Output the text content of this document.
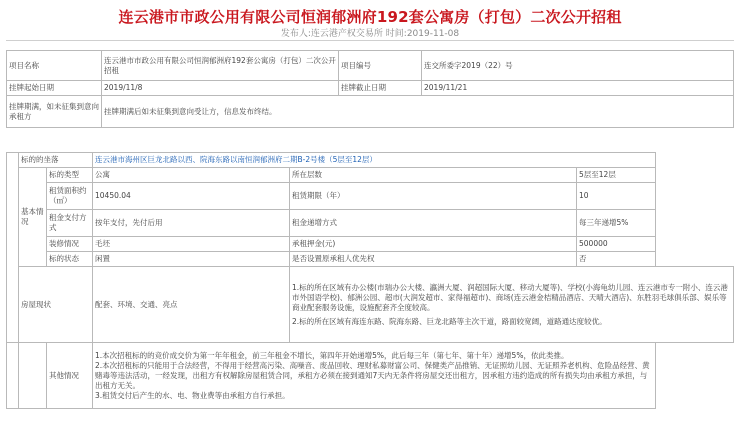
连云港市市政公用有限公司恒润郁洲府192套公寓房（打包）二次公开招租
发布人:连云港产权交易所 时间:2019-11-08
项目名称	连云港市市政公用有限公司恒润郁洲府192套公寓房（打包）二次公开招租	项目编号	连交所委字2019（22）号
挂牌起始日期	2019/11/8	挂牌截止日期	2019/11/21
挂牌期满，如未征集到意向承租方	挂牌期满后如未征集到意向受让方，信息发布终结。		
	标的的坐落		连云港市海州区巨龙北路以西、院海东路以南恒润郁洲府二期B-2号楼（5层至12层）		
	基本情况	标的类型	公寓	所在层数	5层至12层
		租赁面积约（㎡）	10450.04	租赁期限（年）	10
		租金支付方式	按年支付，先付后用	租金递增方式	每三年递增5%
		装修情况	毛坯	承租押金(元)	500000
		标的状态	闲置	是否设置原承租人优先权	否
	房屋现状		配套、环境、交通、亮点	1.标的所在区域有办公楼(市瑞办公大楼、瀛洲大厦、润超国际大厦、移动大厦等)、学校(小海龟幼儿园、连云港市专一附小、连云港市外国语学校)、郁洲公园、超市(大润发超市、家得福超市)、商场(连云港金桔精品酒店、天晴大酒店)、东胜羽毛球俱乐部、娱乐等商业配套服务设施，设施配套齐全度较高。
2.标的所在区域有海连东路、院海东路、巨龙北路等主次干道，路面较宽阔，道路通达度较优。	

		其他情况	1.本次招租标的的竞价成交价为第一年年租金，前三年租金不增长，第四年开始递增5%，此后每三年（第七年、第十年）递增5%，依此类推。
2.本次招租标的只能用于合法经营，不得用于经营高污染、高噪音、废品回收、理财私募财富公司、保健类产品推销、无证照幼儿园、无证照养老机构、危险品经营、黄赌毒等违法活动，一经发现，出租方有权解除房屋租赁合同，承租方必须在接到通知7天内无条件将房屋交还出租方，因承租方违约造成的所有损失均由承租方承担，与出租方无关。
3.租赁交付后产生的水、电、物业费等由承租方自行承担。		
